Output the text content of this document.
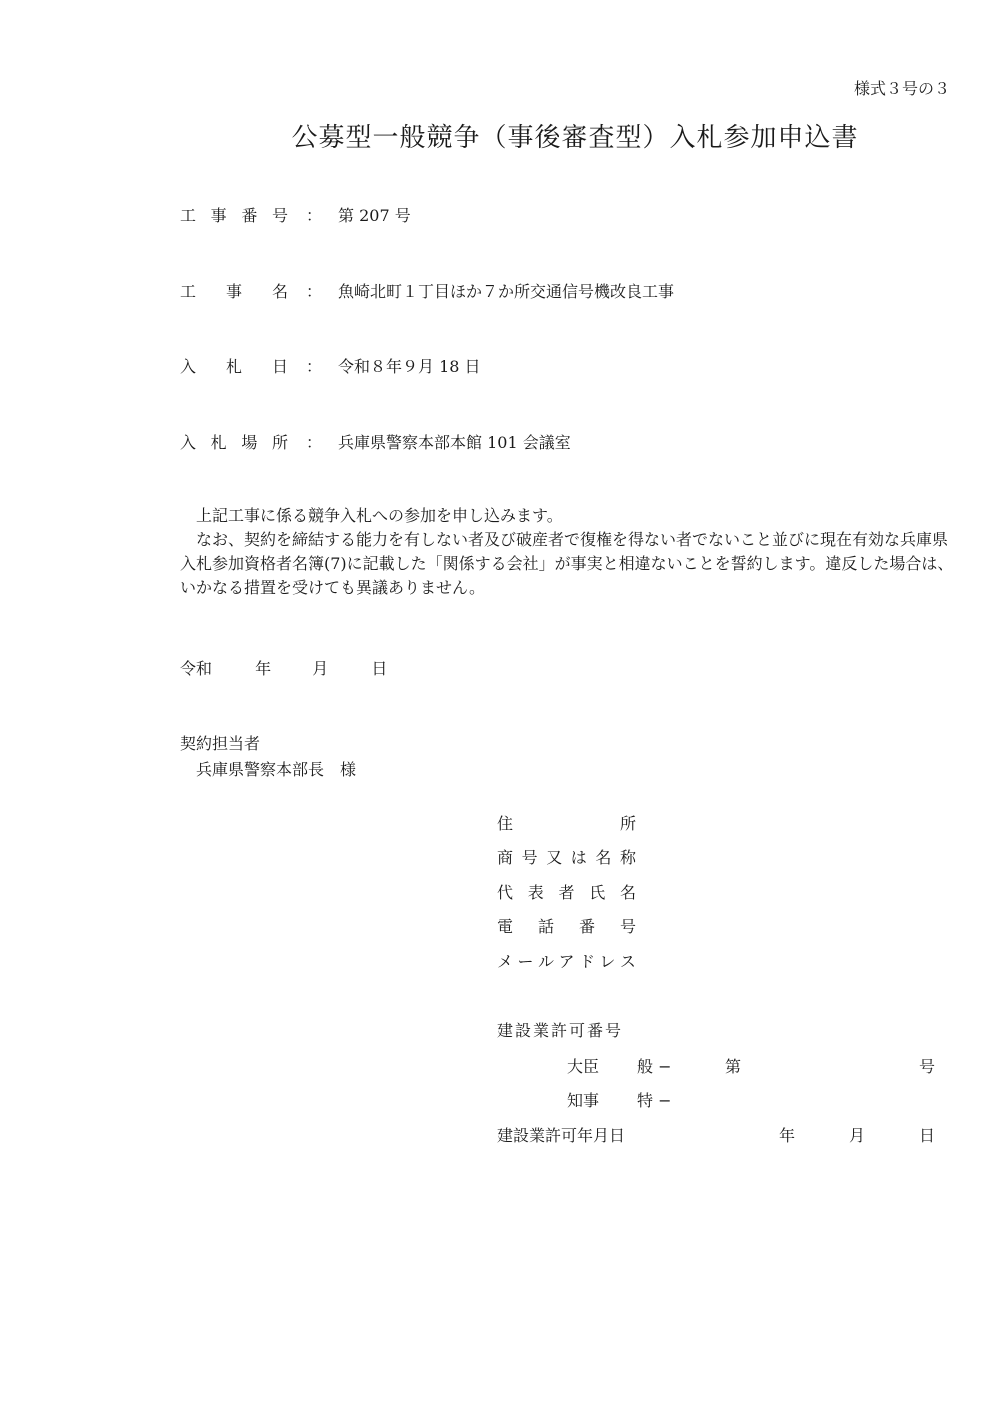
様式３号の３
公募型一般競争（事後審査型）入札参加申込書
工 事 番 号 ： 第 207 号
工 事 名 ： 魚崎北町１丁目ほか７か所交通信号機改良工事
入 札 日 ： 令和８年９月 18 日
入 札 場 所 ： 兵庫県警察本部本館 101 会議室

上記工事に係る競争入札への参加を申し込みます。

なお、契約を締結する能力を有しない者及び破産者で復権を得ない者でないこと並びに現在有効な兵庫県入札参加資格者名簿(7)に記載した「関係する会社」が事実と相違ないことを誓約します。違反した場合は、いかなる措置を受けても異議ありません。

令和	年	月	日
契約担当者
兵庫県警察本部長　様
住	所
商 号 又 は 名 称
代 表 者 氏 名
電 話 番 号
メ ー ル ア ド レ ス
建設業許可番号
大臣 般 −	第	号
知事 特 −
建設業許可年月日	年	月	日
